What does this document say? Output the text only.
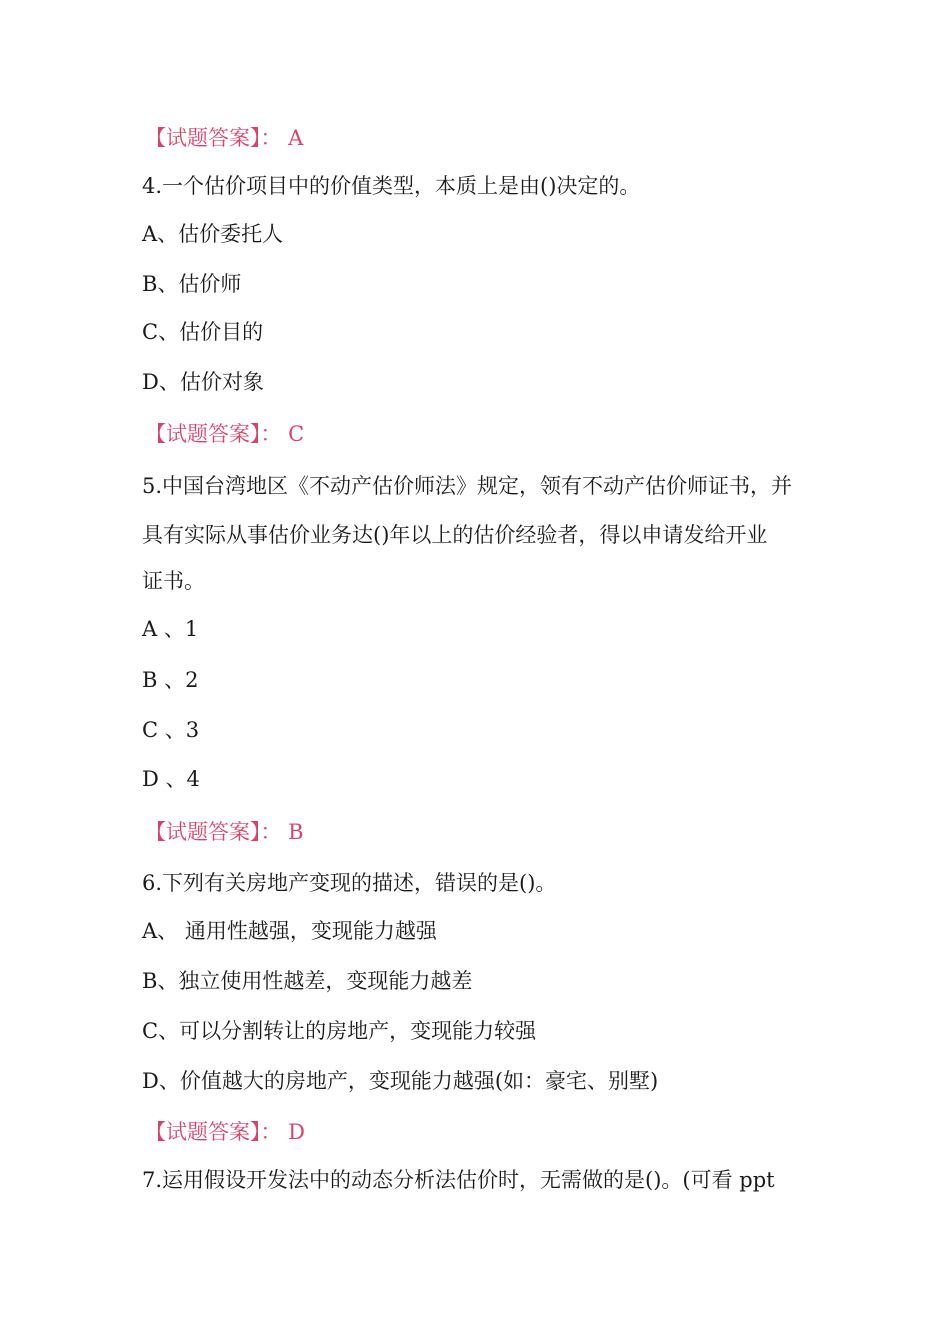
【试题答案】： A
4.一个估价项目中的价值类型，本质上是由()决定的。
A、估价委托人
B、估价师
C、估价目的
D、估价对象
【试题答案】： C
5.中国台湾地区《不动产估价师法》规定，领有不动产估价师证书，并
具有实际从事估价业务达()年以上的估价经验者，得以申请发给开业
证书。
A 、1
B 、2
C 、3
D 、4
【试题答案】： B
6.下列有关房地产变现的描述，错误的是()。
A、 通用性越强，变现能力越强
B、独立使用性越差，变现能力越差
C、可以分割转让的房地产，变现能力较强
D、价值越大的房地产，变现能力越强(如：豪宅、别墅)
【试题答案】： D
7.运用假设开发法中的动态分析法估价时，无需做的是()。(可看 ppt
